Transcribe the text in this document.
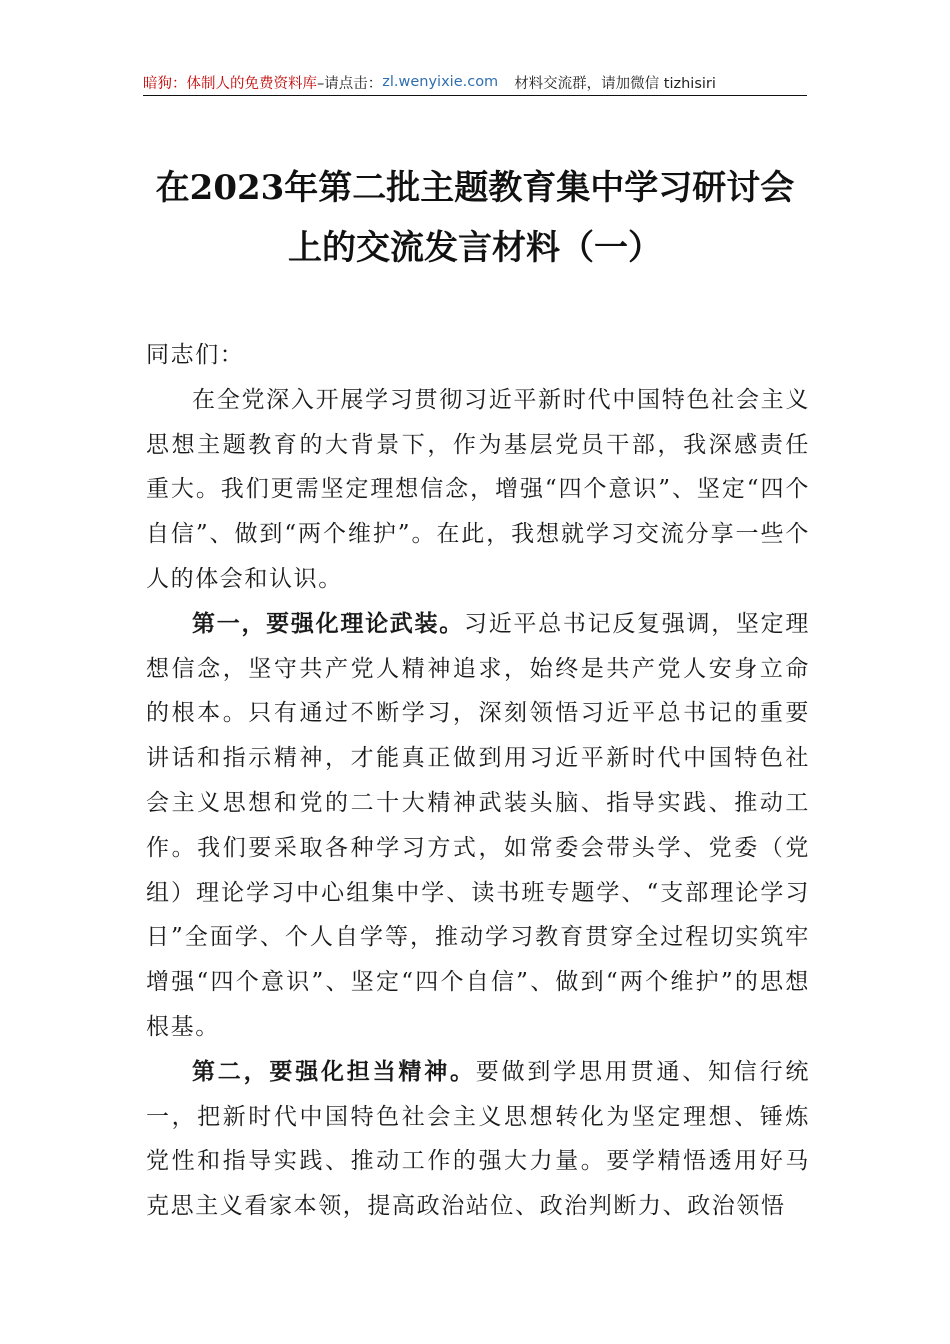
暗狗：体制人的免费资料库 –请点击： zl.wenyixie.com 材料交流群，请加微信 tizhisiri
在2023年第二批主题教育集中学习研讨会
上的交流发言材料（一）

同志们：

在全党深入开展学习贯彻习近平新时代中国特色社会主义思想主题教育的大背景下，作为基层党员干部，我深感责任重大。我们更需坚定理想信念，增强“四个意识”、坚定“四个自信”、做到“两个维护”。在此，我想就学习交流分享一些个人的体会和认识。

第一，要强化理论武装。习近平总书记反复强调，坚定理想信念，坚守共产党人精神追求，始终是共产党人安身立命的根本。只有通过不断学习，深刻领悟习近平总书记的重要讲话和指示精神，才能真正做到用习近平新时代中国特色社会主义思想和党的二十大精神武装头脑、指导实践、推动工作。我们要采取各种学习方式，如常委会带头学、党委（党组）理论学习中心组集中学、读书班专题学、“支部理论学习日”全面学、个人自学等，推动学习教育贯穿全过程切实筑牢增强“四个意识”、坚定“四个自信”、做到“两个维护”的思想根基。

第二，要强化担当精神。要做到学思用贯通、知信行统一，把新时代中国特色社会主义思想转化为坚定理想、锤炼党性和指导实践、推动工作的强大力量。要学精悟透用好马克思主义看家本领，提高政治站位、政治判断力、政治领悟
